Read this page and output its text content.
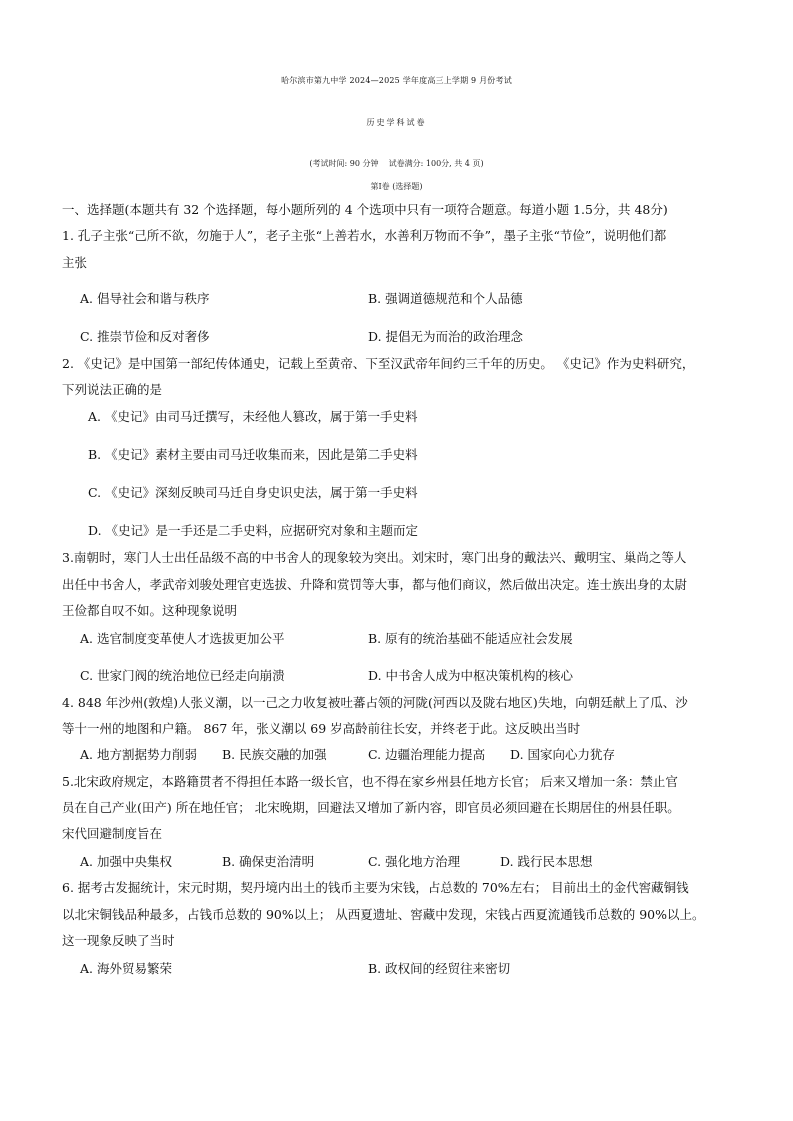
哈尔滨市第九中学 2024—2025 学年度高三上学期 9 月份考试
历史学科试卷
(考试时间: 90 分钟    试卷满分: 100分, 共 4 页)
第Ⅰ卷 (选择题)
一、选择题(本题共有 32 个选择题，每小题所列的 4 个选项中只有一项符合题意。每道小题 1.5分，共 48分)
1. 孔子主张“己所不欲，勿施于人”，老子主张“上善若水，水善利万物而不争”，墨子主张“节俭”，说明他们都
主张
A. 倡导社会和谐与秩序	B. 强调道德规范和个人品德
C. 推崇节俭和反对奢侈	D. 提倡无为而治的政治理念
2. 《史记》是中国第一部纪传体通史，记载上至黄帝、下至汉武帝年间约三千年的历史。 《史记》作为史料研究，
下列说法正确的是
A. 《史记》由司马迁撰写，未经他人篡改，属于第一手史料
B. 《史记》素材主要由司马迁收集而来，因此是第二手史料
C. 《史记》深刻反映司马迁自身史识史法，属于第一手史料
D. 《史记》是一手还是二手史料，应据研究对象和主题而定
3.南朝时，寒门人士出任品级不高的中书舍人的现象较为突出。刘宋时，寒门出身的戴法兴、戴明宝、巢尚之等人
出任中书舍人，孝武帝刘骏处理官吏选拔、升降和赏罚等大事，都与他们商议，然后做出决定。连士族出身的太尉
王俭都自叹不如。这种现象说明
A. 选官制度变革使人才选拔更加公平	B. 原有的统治基础不能适应社会发展
C. 世家门阀的统治地位已经走向崩溃	D. 中书舍人成为中枢决策机构的核心
4. 848 年沙州(敦煌)人张义潮，以一己之力收复被吐蕃占领的河陇(河西以及陇右地区)失地，向朝廷献上了瓜、沙
等十一州的地图和户籍。 867 年，张义潮以 69 岁高龄前往长安，并终老于此。这反映出当时
A. 地方割据势力削弱 B. 民族交融的加强	C. 边疆治理能力提高 D. 国家向心力犹存
5.北宋政府规定，本路籍贯者不得担任本路一级长官，也不得在家乡州县任地方长官； 后来又增加一条：禁止官
员在自己产业(田产) 所在地任官； 北宋晚期，回避法又增加了新内容，即官员必须回避在长期居住的州县任职。
宋代回避制度旨在
A. 加强中央集权	B. 确保吏治清明	C. 强化地方治理	D. 践行民本思想
6. 据考古发掘统计，宋元时期，契丹境内出土的钱币主要为宋钱，占总数的 70%左右； 目前出土的金代窖藏铜钱
以北宋铜钱品种最多，占钱币总数的 90%以上； 从西夏遗址、窖藏中发现，宋钱占西夏流通钱币总数的 90%以上。
这一现象反映了当时
A. 海外贸易繁荣	B. 政权间的经贸往来密切
